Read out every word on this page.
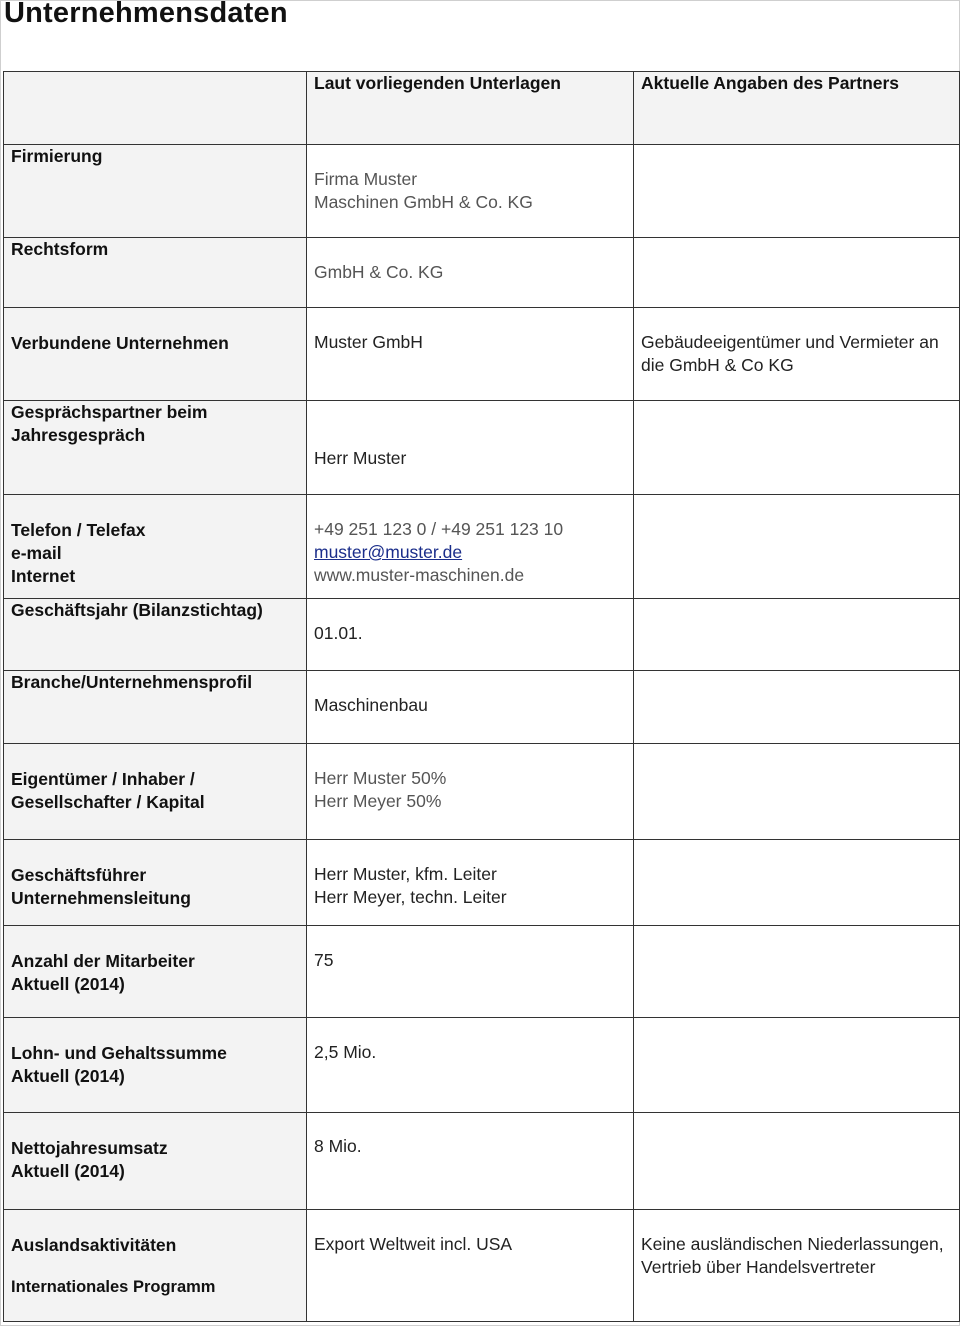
Unternehmensdaten
	Laut vorliegenden Unterlagen	Aktuelle Angaben des Partners

Firmierung	Firma Muster
Maschinen GmbH & Co. KG	

Rechtsform	GmbH & Co. KG	

Verbundene Unternehmen	Muster GmbH	Gebäudeeigentümer und Vermieter an
die GmbH & Co KG

Gesprächspartner beim
Jahresgespräch	Herr Muster	

Telefon / Telefax
e-mail
Internet	+49 251 123 0 / +49 251 123 10
muster@muster.de
www.muster-maschinen.de	

Geschäftsjahr (Bilanzstichtag)	01.01.	

Branche/Unternehmensprofil	Maschinenbau	

Eigentümer / Inhaber /
Gesellschafter / Kapital	Herr Muster 50%
Herr Meyer 50%	

Geschäftsführer
Unternehmensleitung	Herr Muster, kfm. Leiter
Herr Meyer, techn. Leiter	

Anzahl der Mitarbeiter
Aktuell (2014)	75	

Lohn- und Gehaltssumme
Aktuell (2014)	2,5 Mio.	

Nettojahresumsatz
Aktuell (2014)	8 Mio.	

Auslandsaktivitäten
Internationales Programm	Export Weltweit incl. USA	Keine ausländischen Niederlassungen,
Vertrieb über Handelsvertreter
